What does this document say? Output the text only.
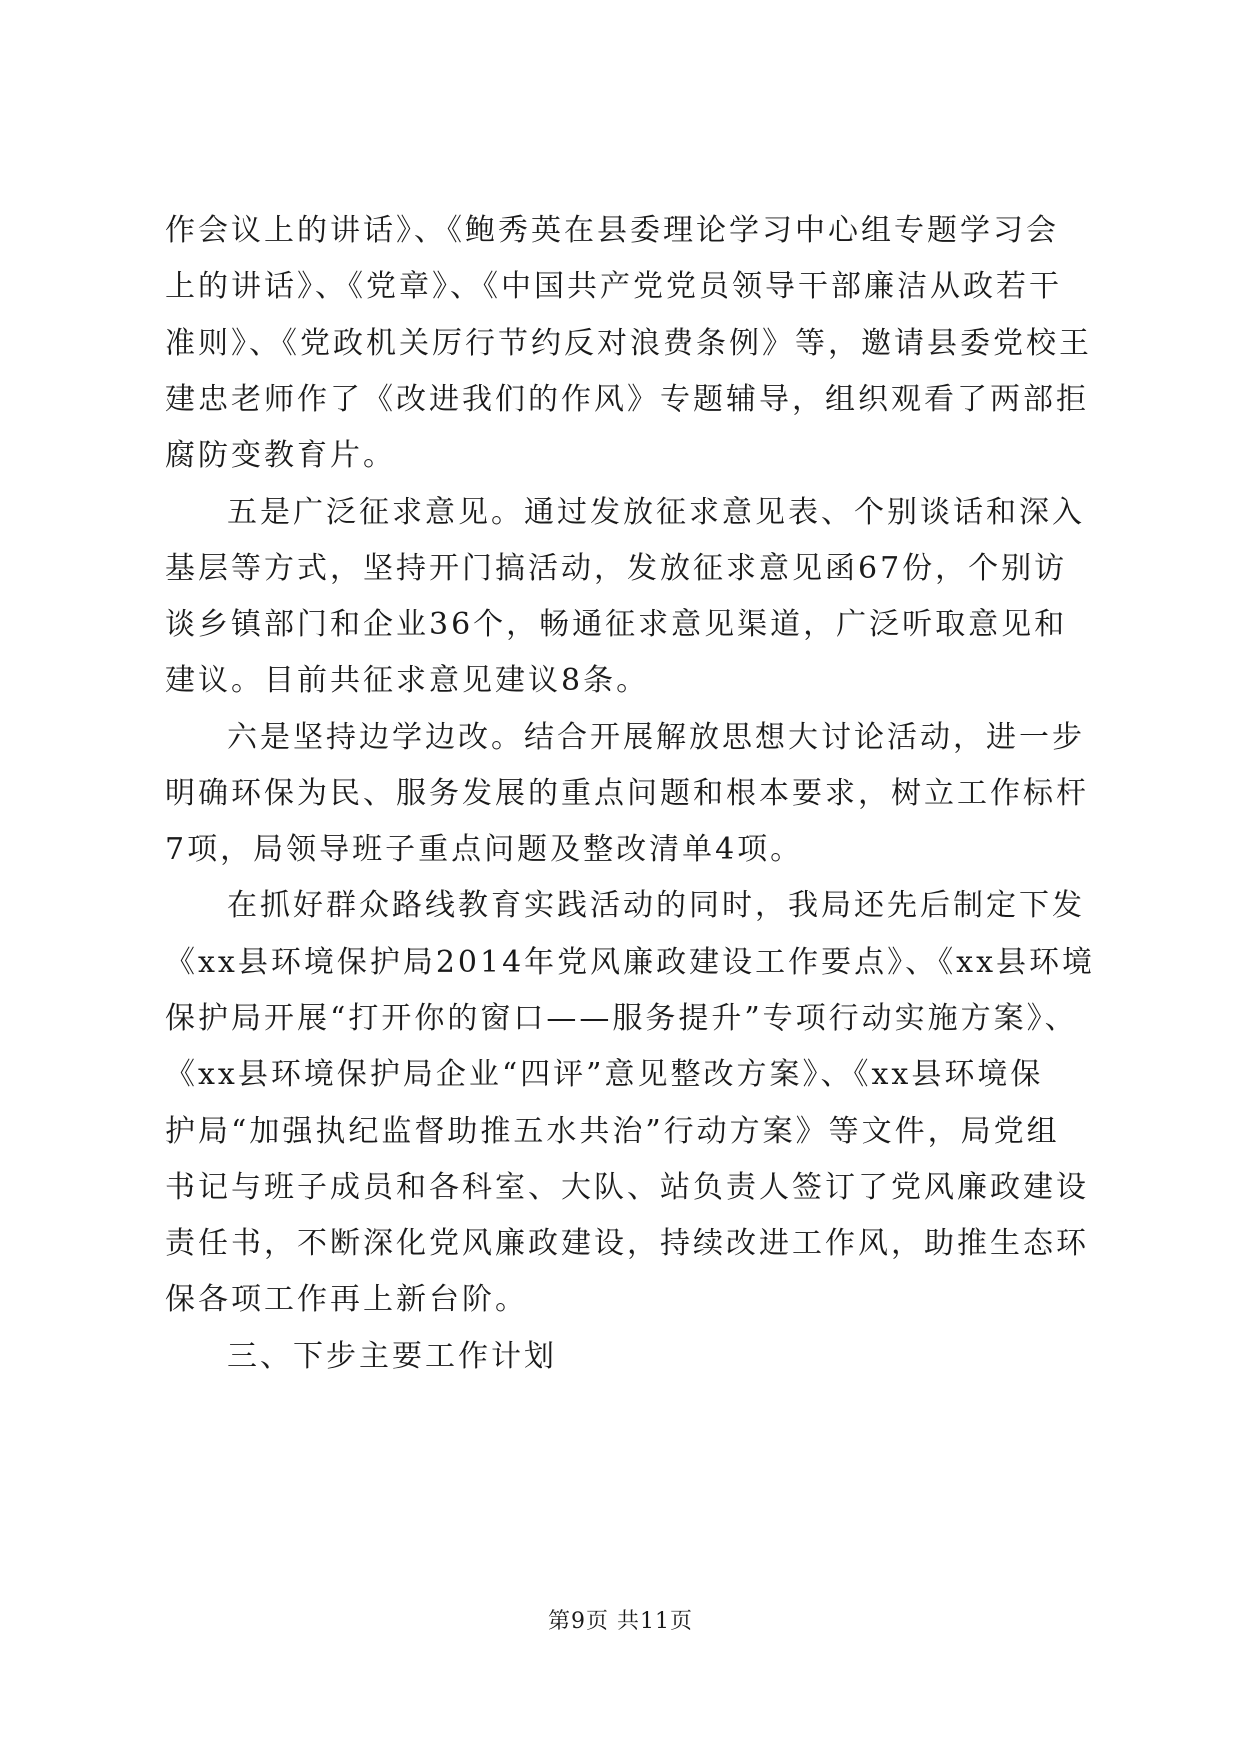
作会议上的讲话》、《鲍秀英在县委理论学习中心组专题学习会
上的讲话》、《党章》、《中国共产党党员领导干部廉洁从政若干
准则》、《党政机关厉行节约反对浪费条例》等，邀请县委党校王
建忠老师作了《改进我们的作风》专题辅导，组织观看了两部拒
腐防变教育片。
五是广泛征求意见。通过发放征求意见表、个别谈话和深入
基层等方式，坚持开门搞活动，发放征求意见函67份，个别访
谈乡镇部门和企业36个，畅通征求意见渠道，广泛听取意见和
建议。目前共征求意见建议8条。
六是坚持边学边改。结合开展解放思想大讨论活动，进一步
明确环保为民、服务发展的重点问题和根本要求，树立工作标杆
7项，局领导班子重点问题及整改清单4项。
在抓好群众路线教育实践活动的同时，我局还先后制定下发
《xx县环境保护局2014年党风廉政建设工作要点》、《xx县环境
保护局开展“打开你的窗口——服务提升”专项行动实施方案》、
《xx县环境保护局企业“四评”意见整改方案》、《xx县环境保
护局“加强执纪监督助推五水共治”行动方案》等文件，局党组
书记与班子成员和各科室、大队、站负责人签订了党风廉政建设
责任书，不断深化党风廉政建设，持续改进工作风，助推生态环
保各项工作再上新台阶。
三、下步主要工作计划
第9页 共11页
